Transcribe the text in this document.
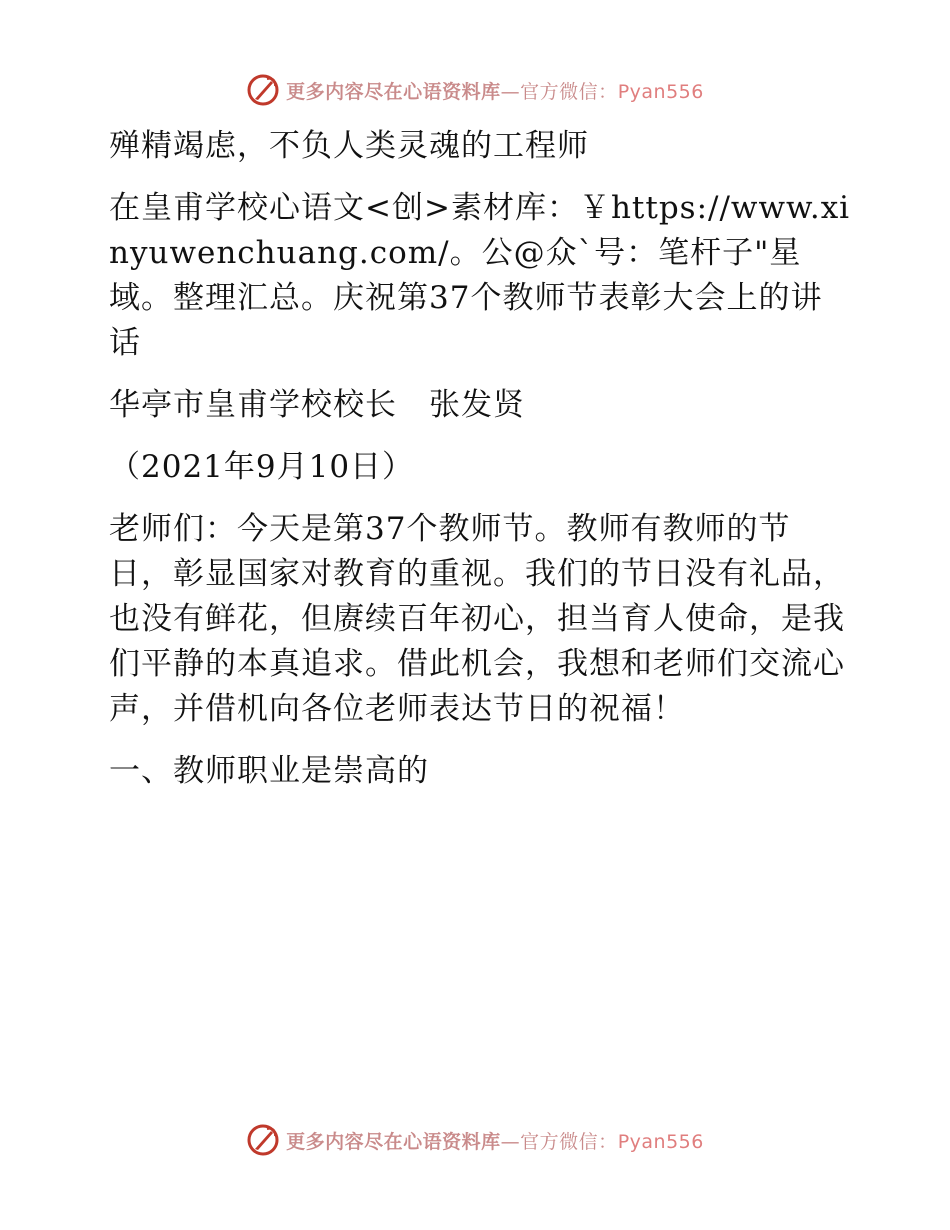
更多内容尽在心语资料库—官方微信：Pyan556

殚精竭虑，不负人类灵魂的工程师

在皇甫学校心语文<创>素材库：￥https://www.xinyuwenchuang.com/。公@众`号：笔杆子"星域。整理汇总。庆祝第37个教师节表彰大会上的讲话

华亭市皇甫学校校长　张发贤

（2021年9月10日）

老师们：今天是第37个教师节。教师有教师的节日，彰显国家对教育的重视。我们的节日没有礼品，也没有鲜花，但赓续百年初心，担当育人使命，是我们平静的本真追求。借此机会，我想和老师们交流心声，并借机向各位老师表达节日的祝福！

一、教师职业是崇高的

更多内容尽在心语资料库—官方微信：Pyan556
